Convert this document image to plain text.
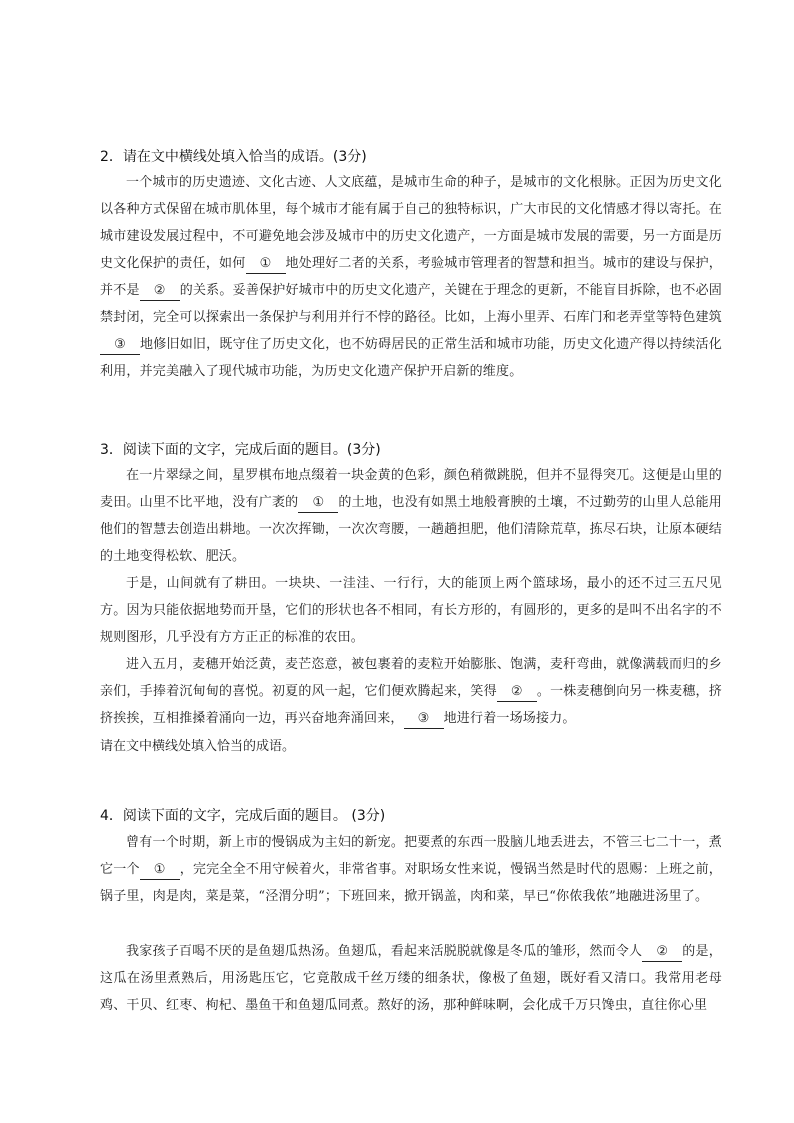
2．请在文中横线处填入恰当的成语。(3分)
一个城市的历史遗迹、文化古迹、人文底蕴，是城市生命的种子，是城市的文化根脉。正因为历史文化以各种方式保留在城市肌体里，每个城市才能有属于自己的独特标识，广大市民的文化情感才得以寄托。在城市建设发展过程中，不可避免地会涉及城市中的历史文化遗产，一方面是城市发展的需要，另一方面是历史文化保护的责任，如何 ① 地处理好二者的关系，考验城市管理者的智慧和担当。城市的建设与保护，并不是 ② 的关系。妥善保护好城市中的历史文化遗产，关键在于理念的更新，不能盲目拆除，也不必固禁封闭，完全可以探索出一条保护与利用并行不悖的路径。比如，上海小里弄、石库门和老弄堂等特色建筑③ 地修旧如旧，既守住了历史文化，也不妨碍居民的正常生活和城市功能，历史文化遗产得以持续活化利用，并完美融入了现代城市功能，为历史文化遗产保护开启新的维度。
3．阅读下面的文字，完成后面的题目。(3分)
在一片翠绿之间，星罗棋布地点缀着一块金黄的色彩，颜色稍微跳脱，但并不显得突兀。这便是山里的麦田。山里不比平地，没有广袤的 ① 的土地，也没有如黑土地般膏腴的土壤，不过勤劳的山里人总能用他们的智慧去创造出耕地。一次次挥锄，一次次弯腰，一趟趟担肥，他们清除荒草，拣尽石块，让原本硬结的土地变得松软、肥沃。
于是，山间就有了耕田。一块块、一洼洼、一行行，大的能顶上两个篮球场，最小的还不过三五尺见方。因为只能依据地势而开垦，它们的形状也各不相同，有长方形的，有圆形的，更多的是叫不出名字的不规则图形，几乎没有方方正正的标准的农田。
进入五月，麦穗开始泛黄，麦芒恣意，被包裹着的麦粒开始膨胀、饱满，麦秆弯曲，就像满载而归的乡亲们，手捧着沉甸甸的喜悦。初夏的风一起，它们便欢腾起来，笑得 ② 。一株麦穗倒向另一株麦穗，挤挤挨挨，互相推搡着涌向一边，再兴奋地奔涌回来， ③ 地进行着一场场接力。
请在文中横线处填入恰当的成语。
4．阅读下面的文字，完成后面的题目。 (3分)
曾有一个时期，新上市的慢锅成为主妇的新宠。把要煮的东西一股脑儿地丢进去，不管三七二十一，煮它一个 ① ，完完全全不用守候着火，非常省事。对职场女性来说，慢锅当然是时代的恩赐：上班之前，锅子里，肉是肉，菜是菜，“泾渭分明”；下班回来，掀开锅盖，肉和菜，早已“你侬我侬”地融进汤里了。
我家孩子百喝不厌的是鱼翅瓜热汤。鱼翅瓜，看起来活脱脱就像是冬瓜的雏形，然而令人 ② 的是，这瓜在汤里煮熟后，用汤匙压它，它竟散成千丝万缕的细条状，像极了鱼翅，既好看又清口。我常用老母鸡、干贝、红枣、枸杞、墨鱼干和鱼翅瓜同煮。熬好的汤，那种鲜味啊，会化成千万只馋虫，直往你心里
